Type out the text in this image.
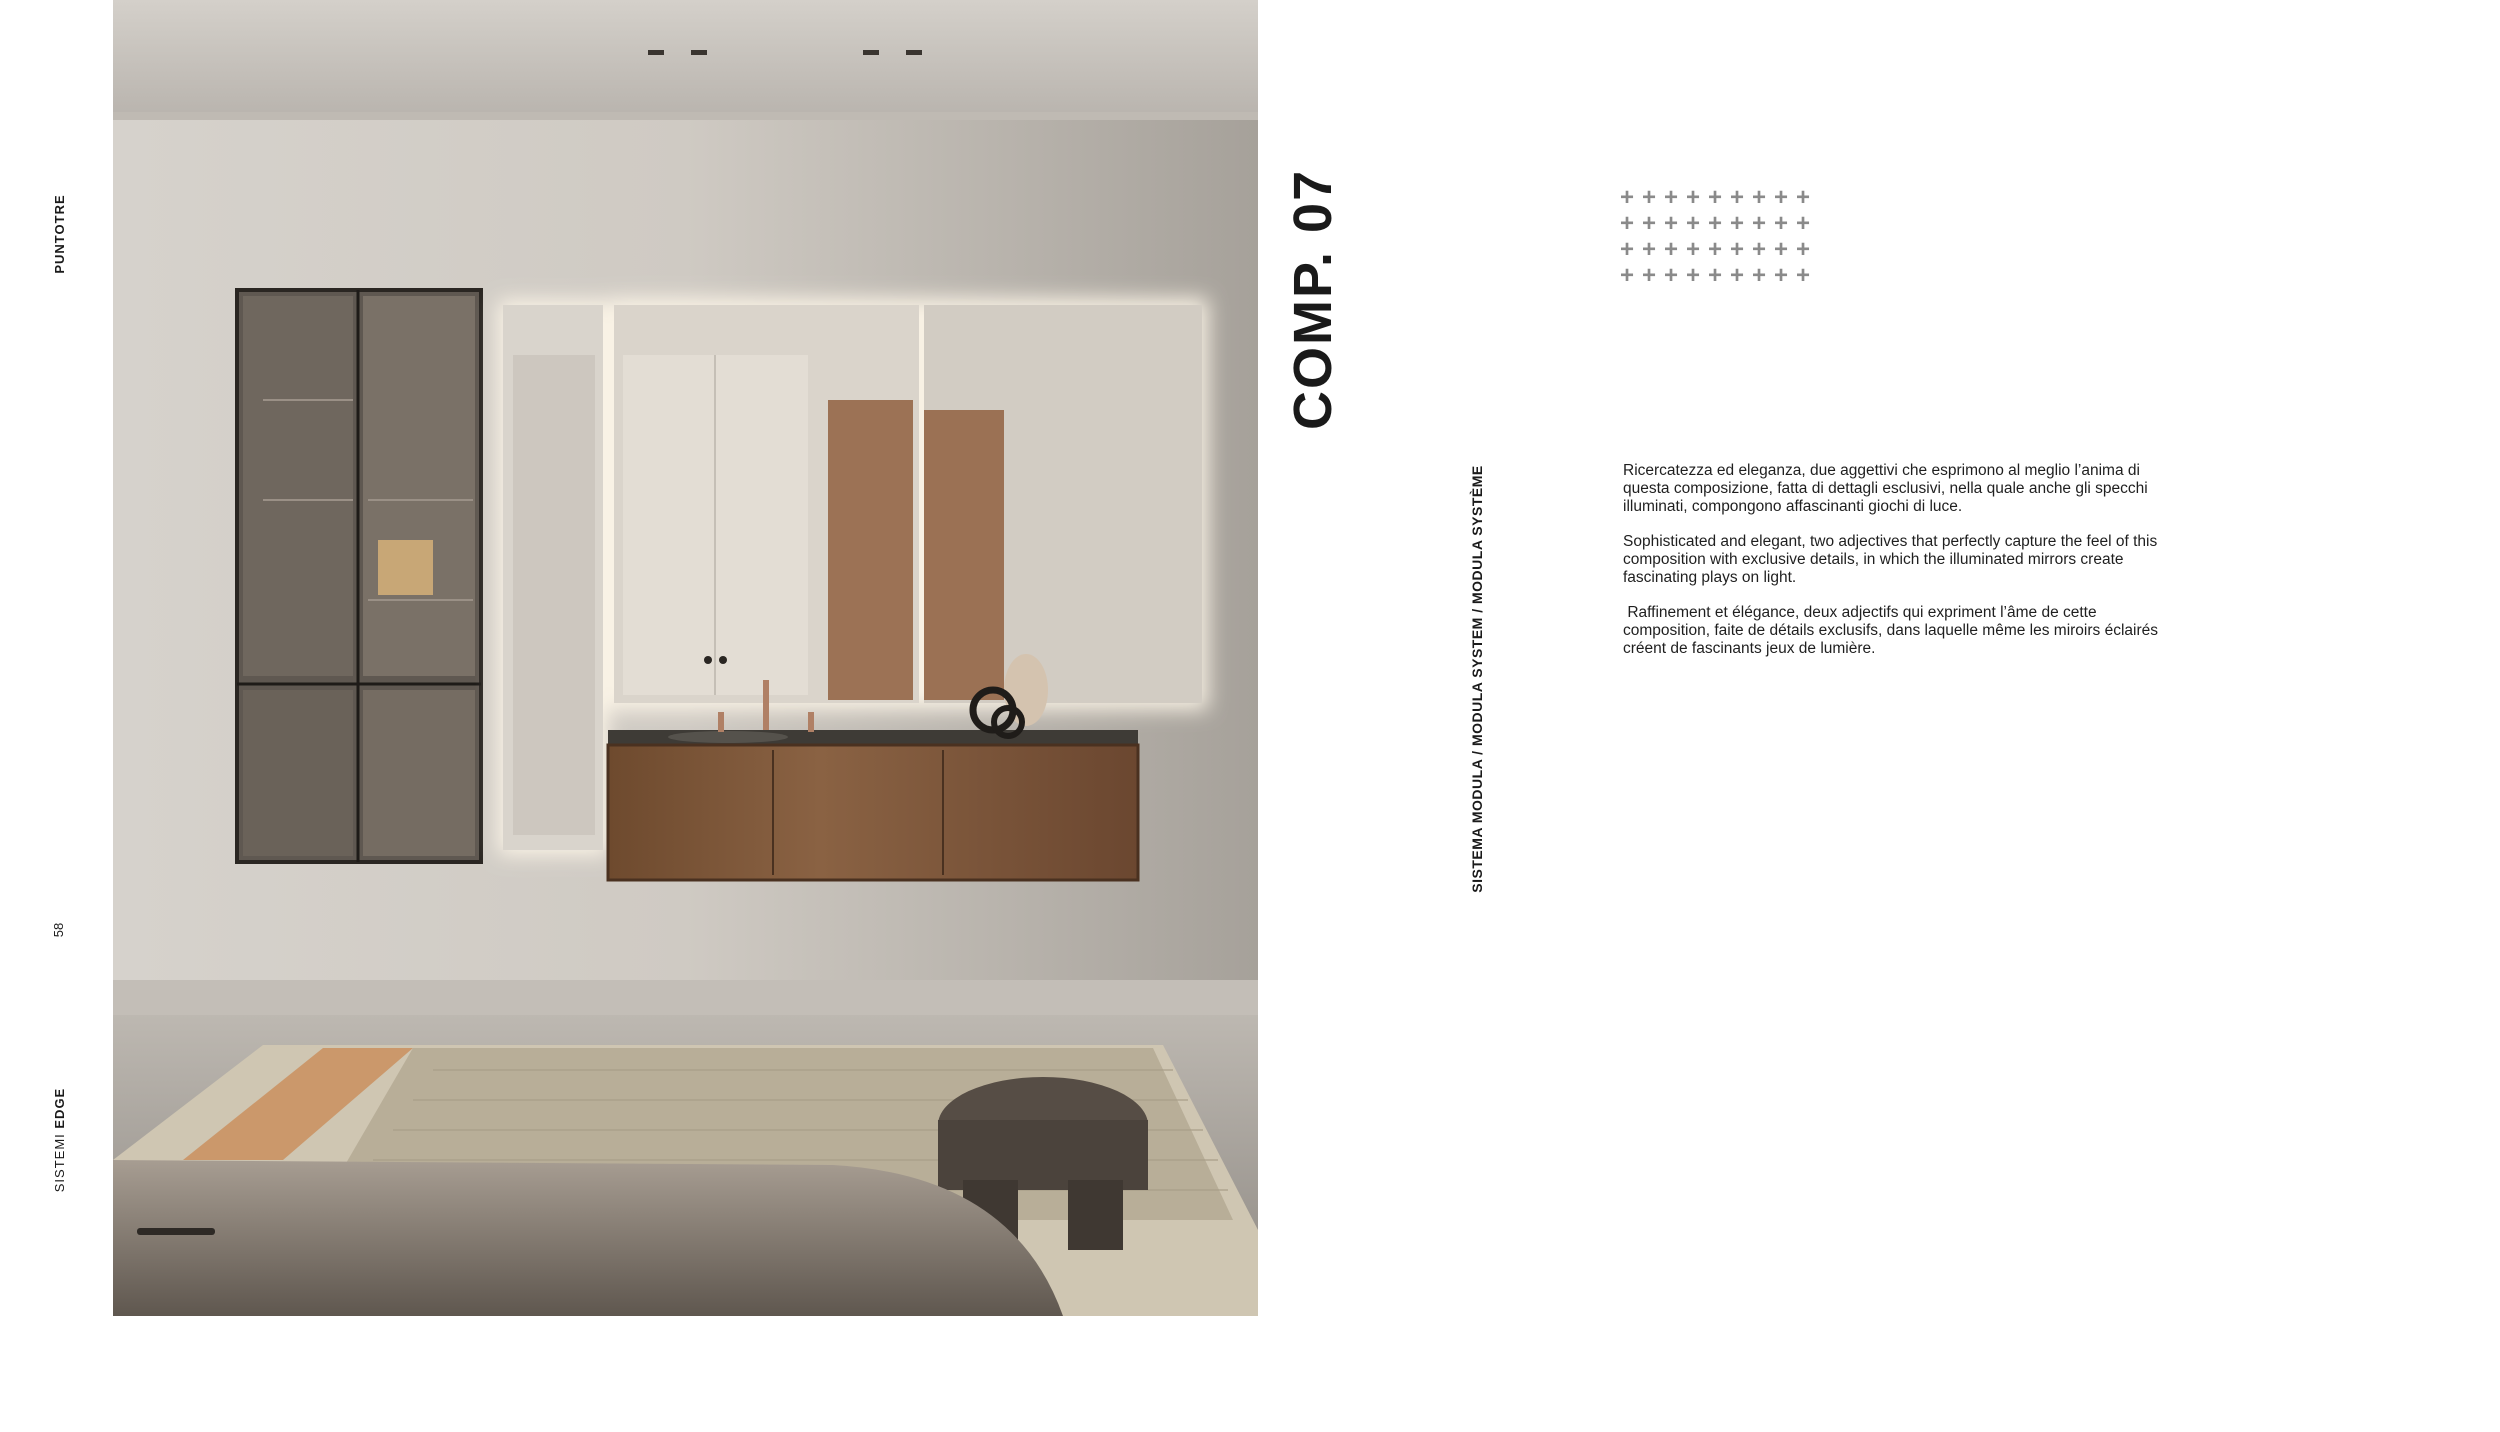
PUNTOTRE
58
SISTEMI EDGE
COMP. 07
SISTEMA MODULA / MODULA SYSTEM / MODULA SYSTÈME
+ + + + + + + + +
+ + + + + + + + +
+ + + + + + + + +
+ + + + + + + + +

Ricercatezza ed eleganza, due aggettivi che esprimono al meglio l’anima di questa composizione, fatta di dettagli esclusivi, nella quale anche gli specchi illuminati, compongono affascinanti giochi di luce.

Sophisticated and elegant, two adjectives that perfectly capture the feel of this composition with exclusive details, in which the illuminated mirrors create fascinating plays on light.

Raffinement et élégance, deux adjectifs qui expriment l’âme de cette composition, faite de détails exclusifs, dans laquelle même les miroirs éclairés créent de fascinants jeux de lumière.
